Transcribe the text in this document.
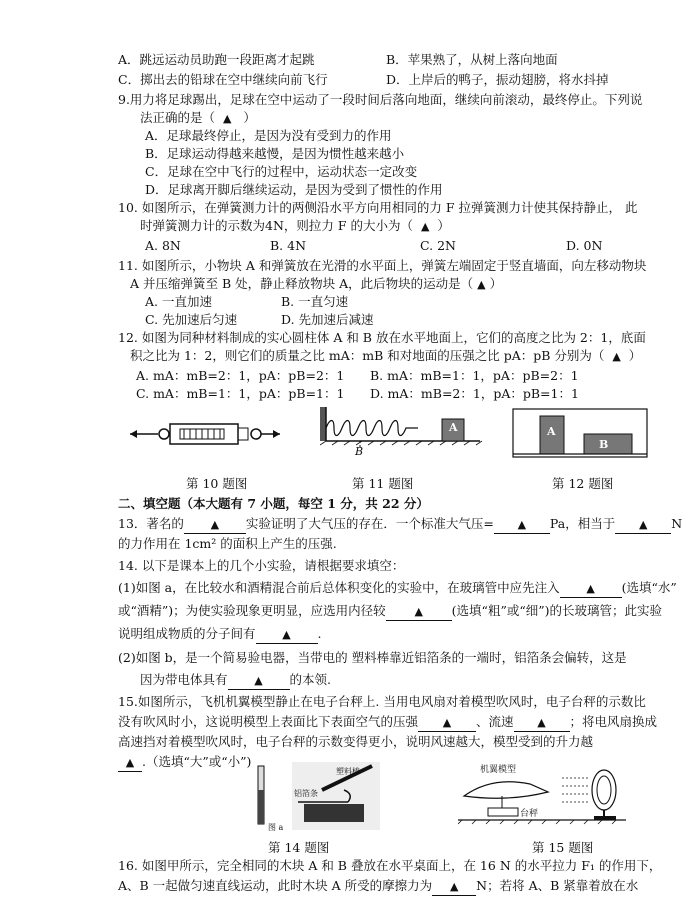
A．跳远运动员助跑一段距离才起跳	B．苹果熟了，从树上落向地面
C．掷出去的铅球在空中继续向前飞行	D．上岸后的鸭子，振动翅膀，将水抖掉
9.用力将足球踢出，足球在空中运动了一段时间后落向地面，继续向前滚动，最终停止。下列说
法正确的是（ ▲ ）
A．足球最终停止，是因为没有受到力的作用
B．足球运动得越来越慢，是因为惯性越来越小
C．足球在空中飞行的过程中，运动状态一定改变
D．足球离开脚后继续运动，是因为受到了惯性的作用
10. 如图所示，在弹簧测力计的两侧沿水平方向用相同的力 F 拉弹簧测力计使其保持静止， 此
时弹簧测力计的示数为4N，则拉力 F 的大小为（ ▲ ）
A. 8N	B. 4N	C. 2N	D. 0N
11. 如图所示，小物块 A 和弹簧放在光滑的水平面上，弹簧左端固定于竖直墙面，向左移动物块
A 并压缩弹簧至 B 处，静止释放物块 A，此后物块的运动是（ ▲ ）
A. 一直加速	B. 一直匀速
C. 先加速后匀速	D. 先加速后减速
12. 如图为同种材料制成的实心圆柱体 A 和 B 放在水平地面上，它们的高度之比为 2：1，底面
积之比为 1：2，则它们的质量之比 mA：mB 和对地面的压强之比 pA：pB 分别为（ ▲ ）
A. mA：mB=2：1，pA：pB=2：1 B. mA：mB=1：1，pA：pB=2：1
C. mA：mB=1：1，pA：pB=1：1 D. mA：mB=2：1，pA：pB=1：1
第 10 题图
A
B
第 11 题图
A
B
第 12 题图
二、填空题（本大题有 7 小题，每空 1 分，共 22 分）
13．著名的 ▲ 实验证明了大气压的存在．一个标准大气压= ▲ Pa，相当于 ▲ N
的力作用在 1cm² 的面积上产生的压强.
14. 以下是课本上的几个小实验，请根据要求填空：
(1)如图 a，在比较水和酒精混合前后总体积变化的实验中，在玻璃管中应先注入 ▲ (选填“水”
或“酒精”)；为使实验现象更明显，应选用内径较	▲ (选填“粗”或“细”)的长玻璃管；此实验
说明组成物质的分子间有 ▲ .
(2)如图 b，是一个简易验电器，当带电的 塑料棒靠近铝箔条的一端时，铝箔条会偏转，这是
因为带电体具有 ▲ 的本领.
15.如图所示，飞机机翼模型静止在电子台秤上. 当用电风扇对着模型吹风时，电子台秤的示数比
没有吹风时小，这说明模型上表面比下表面空气的压强 ▲ 、流速 ▲ ；将电风扇换成
高速挡对着模型吹风时，电子台秤的示数变得更小，说明风速越大，模型受到的升力越
▲ .（选填“大”或“小”)
图 a
塑料棒
铝箔条
第 14 题图
机翼模型
台秤
第 15 题图
16. 如图甲所示，完全相同的木块 A 和 B 叠放在水平桌面上，在 16 N 的水平拉力 F₁ 的作用下，
A、B 一起做匀速直线运动，此时木块 A 所受的摩擦力为 ▲ N；若将 A、B 紧靠着放在水
